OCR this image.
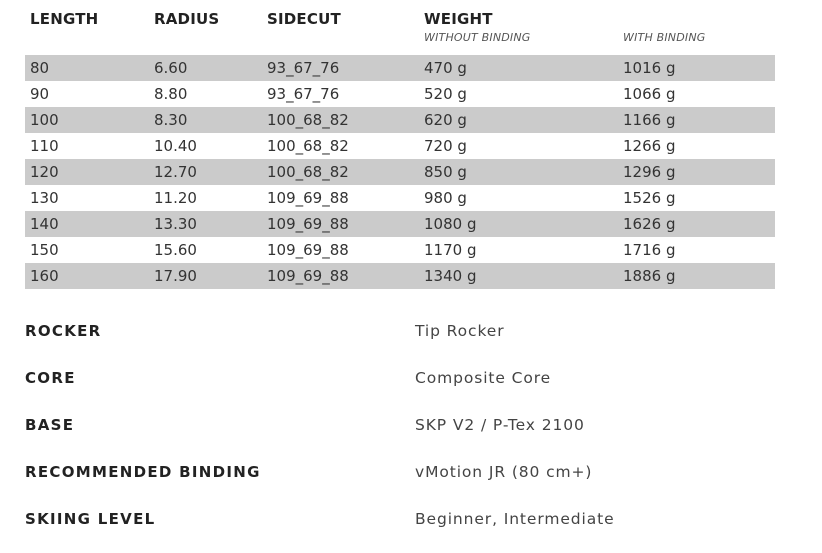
LENGTH	RADIUS	SIDECUT	WEIGHT
WITHOUT BINDING	WITH BINDING
80	6.60	93_67_76	470 g	1016 g
90	8.80	93_67_76	520 g	1066 g
100	8.30	100_68_82	620 g	1166 g
110	10.40	100_68_82	720 g	1266 g
120	12.70	100_68_82	850 g	1296 g
130	11.20	109_69_88	980 g	1526 g
140	13.30	109_69_88	1080 g	1626 g
150	15.60	109_69_88	1170 g	1716 g
160	17.90	109_69_88	1340 g	1886 g
ROCKER	Tip Rocker
CORE	Composite Core
BASE	SKP V2 / P-Tex 2100
RECOMMENDED BINDING	vMotion JR (80 cm+)
SKIING LEVEL	Beginner, Intermediate
